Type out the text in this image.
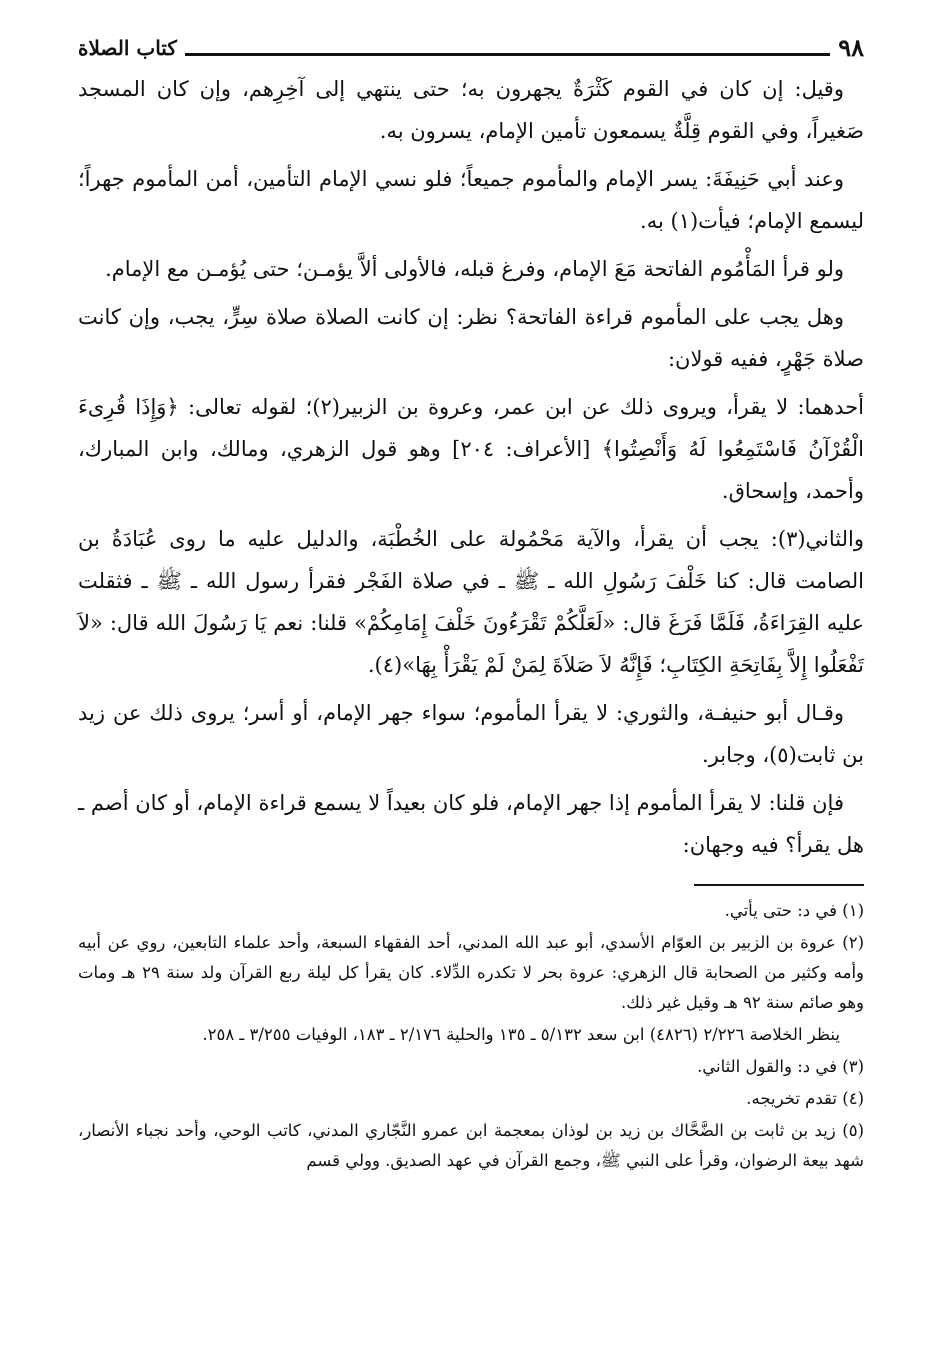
٩٨
كتاب الصلاة

وقيل: إن كان في القوم كَثْرَةٌ يجهرون به؛ حتى ينتهي إلى آخِرِهم، وإن كان المسجد صَغيراً، وفي القوم قِلَّةٌ يسمعون تأمين الإمام، يسرون به.

وعند أبي حَنِيفَةَ: يسر الإمام والمأموم جميعاً؛ فلو نسي الإمام التأمين، أمن المأموم جهراً؛ ليسمع الإمام؛ فيأت(١) به.

ولو قرأ المَأْمُوم الفاتحة مَعَ الإمام، وفرغ قبله، فالأولى ألاَّ يؤمـن؛ حتى يُؤمـن مع الإمام.

وهل يجب على المأموم قراءة الفاتحة؟ نظر: إن كانت الصلاة صلاة سِرٍّ، يجب، وإن كانت صلاة جَهْرٍ، ففيه قولان:

أحدهما: لا يقرأ، ويروى ذلك عن ابن عمر، وعروة بن الزبير(٢)؛ لقوله تعالى: ﴿وَإِذَا قُرِىءَ الْقُرْآنُ فَاسْتَمِعُوا لَهُ وَأَنْصِتُوا﴾ [الأعراف: ٢٠٤] وهو قول الزهري، ومالك، وابن المبارك، وأحمد، وإسحاق.

والثاني(٣): يجب أن يقرأ، والآية مَحْمُولة على الخُطْبَة، والدليل عليه ما روى عُبَادَةُ بن الصامت قال: كنا خَلْفَ رَسُولِ الله ـ ﷺ ـ في صلاة الفَجْر فقرأ رسول الله ـ ﷺ ـ فثقلت عليه القِرَاءَةُ، فَلَمَّا فَرَغَ قال: «لَعَلَّكُمْ تَقْرَءُونَ خَلْفَ إِمَامِكُمْ» قلنا: نعم يَا رَسُولَ الله قال: «لاَ تَفْعَلُوا إِلاَّ بِفَاتِحَةِ الكِتَابِ؛ فَإِنَّهُ لاَ صَلاَةَ لِمَنْ لَمْ يَقْرَأْ بِهَا»(٤).

وقـال أبو حنيفـة، والثوري: لا يقرأ المأموم؛ سواء جهر الإمام، أو أسر؛ يروى ذلك عن زيد بن ثابت(٥)، وجابر.

فإن قلنا: لا يقرأ المأموم إذا جهر الإمام، فلو كان بعيداً لا يسمع قراءة الإمام، أو كان أصم ـ هل يقرأ؟ فيه وجهان:

(١) في د: حتى يأتي.

(٢) عروة بن الزبير بن العوّام الأسدي، أبو عبد الله المدني، أحد الفقهاء السبعة، وأحد علماء التابعين، روي عن أبيه وأمه وكثير من الصحابة قال الزهري: عروة بحر لا تكدره الدِّلاء. كان يقرأ كل ليلة ربع القرآن ولد سنة ٢٩ هـ ومات وهو صائم سنة ٩٢ هـ وقيل غير ذلك.

ينظر الخلاصة ٢/٢٢٦ (٤٨٢٦) ابن سعد ٥/١٣٢ ـ ١٣٥ والحلية ٢/١٧٦ ـ ١٨٣، الوفيات ٣/٢٥٥ ـ ٢٥٨.

(٣) في د: والقول الثاني.

(٤) تقدم تخريجه.

(٥) زيد بن ثابت بن الضَّحَّاك بن زيد بن لوذان بمعجمة ابن عمرو النَّجّاري المدني، كاتب الوحي، وأحد نجباء الأنصار، شهد بيعة الرضوان، وقرأ على النبي ﷺ، وجمع القرآن في عهد الصديق. وولي قسم
